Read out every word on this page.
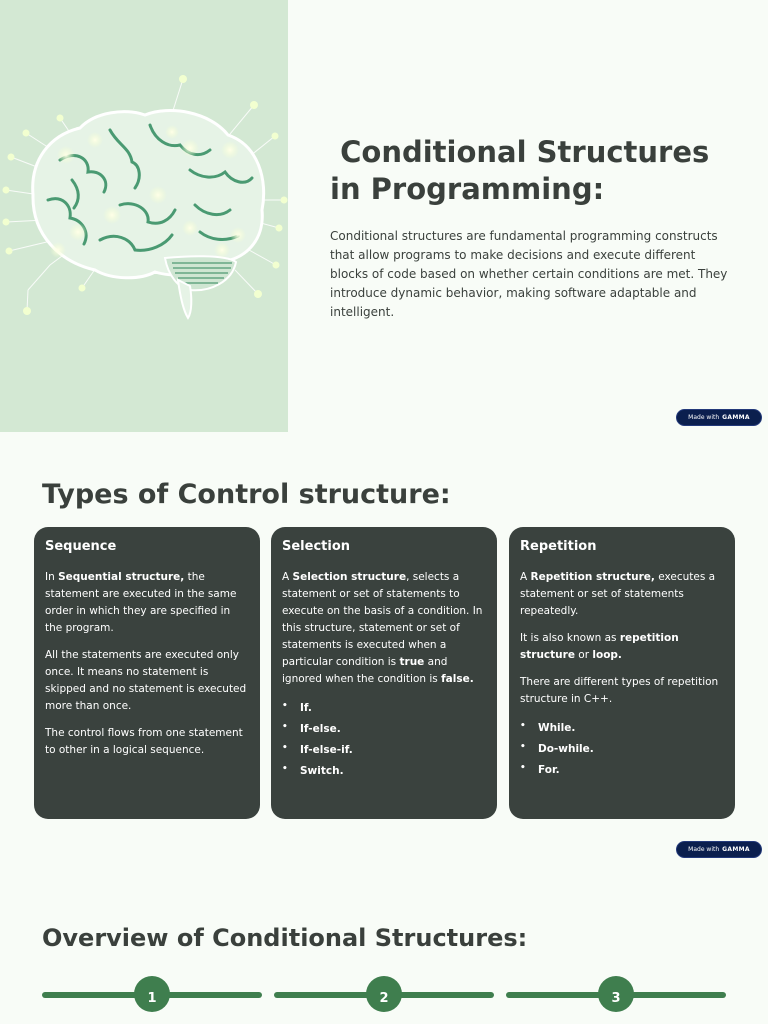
Conditional Structures
in Programming:

Conditional structures are fundamental programming constructs that allow programs to make decisions and execute different blocks of code based on whether certain conditions are met. They introduce dynamic behavior, making software adaptable and intelligent.

Made with GAMMA
Types of Control structure:
Sequence

In Sequential structure, the statement are executed in the same order in which they are specified in the program.

All the statements are executed only once. It means no statement is skipped and no statement is executed more than once.

The control flows from one statement to other in a logical sequence.

Selection

A Selection structure, selects a statement or set of statements to execute on the basis of a condition. In this structure, statement or set of statements is executed when a particular condition is true and ignored when the condition is false.

• If.
• If-else.
• If-else-if.
• Switch.
Repetition

A Repetition structure, executes a statement or set of statements repeatedly.

It is also known as repetition structure or loop.

There are different types of repetition structure in C++.

• While.
• Do-while.
• For.
Made with GAMMA
Overview of Conditional Structures:
1	2	3
